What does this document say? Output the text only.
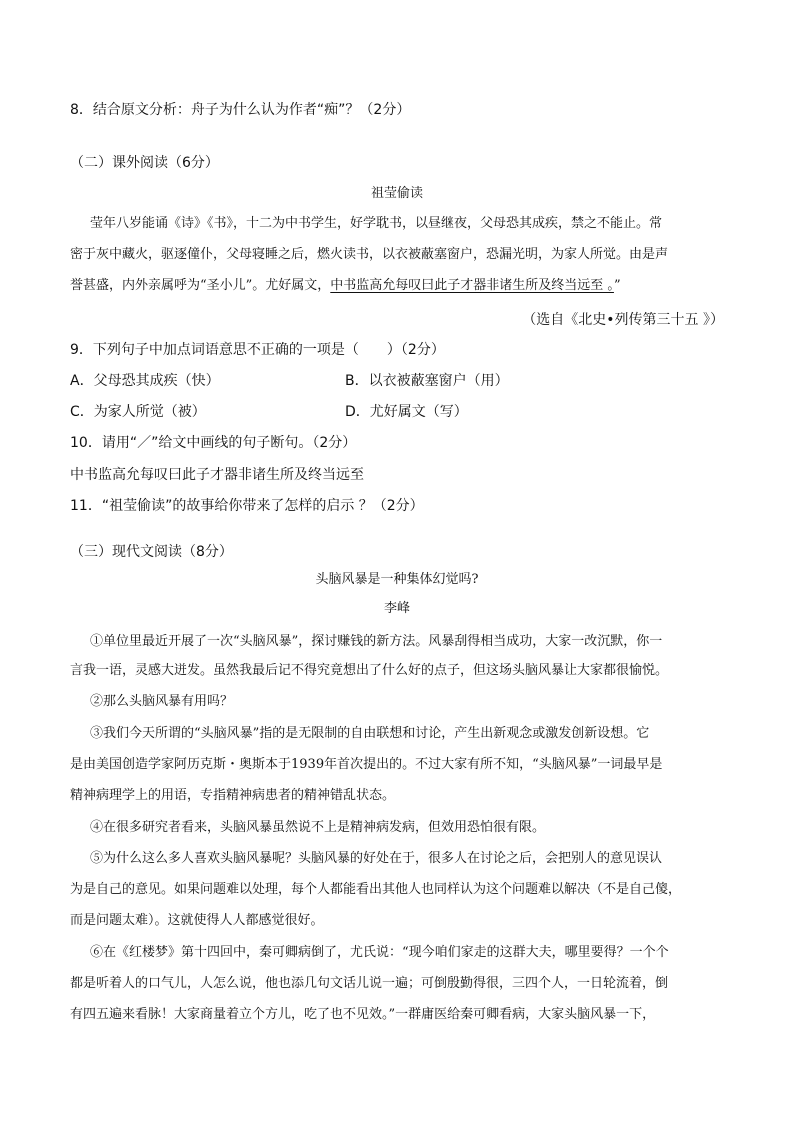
8．结合原文分析：舟子为什么认为作者“痴”？（2分）
（二）课外阅读（6分）
祖莹偷读
莹年八岁能诵《诗》《书》，十二为中书学生，好学耽书，以昼继夜，父母恐其成疾，禁之不能止。常
密于灰中藏火，驱逐僮仆，父母寝睡之后，燃火读书，以衣被蔽塞窗户，恐漏光明，为家人所觉。由是声
誉甚盛，内外亲属呼为“圣小儿”。尤好属文，中书监高允每叹曰此子才器非诸生所及终当远至 。”
（选自《北史•列传第三十五 》）
9．下列句子中加点词语意思不正确的一项是（　　）（2分）
A．父母恐其成疾（快）	B．以衣被蔽塞窗户（用）
C．为家人所觉（被）	D．尤好属文（写）
10．请用“／”给文中画线的句子断句。（2分）
中书监高允每叹曰此子才器非诸生所及终当远至
11．“祖莹偷读”的故事给你带来了怎样的启示 ？（2分）
（三）现代文阅读（8分）
头脑风暴是一种集体幻觉吗?
李峰
①单位里最近开展了一次“头脑风暴”，探讨赚钱的新方法。风暴刮得相当成功，大家一改沉默，你一
言我一语，灵感大迸发。虽然我最后记不得究竟想出了什么好的点子，但这场头脑风暴让大家都很愉悦。
②那么头脑风暴有用吗？
③我们今天所谓的“头脑风暴”指的是无限制的自由联想和讨论，产生出新观念或激发创新设想。它
是由美国创造学家阿历克斯・奥斯本于1939年首次提出的。不过大家有所不知，“头脑风暴”一词最早是
精神病理学上的用语，专指精神病患者的精神错乱状态。
④在很多研究者看来，头脑风暴虽然说不上是精神病发病，但效用恐怕很有限。
⑤为什么这么多人喜欢头脑风暴呢？头脑风暴的好处在于，很多人在讨论之后，会把别人的意见误认
为是自己的意见。如果问题难以处理，每个人都能看出其他人也同样认为这个问题难以解决（不是自己傻，
而是问题太难）。这就使得人人都感觉很好。
⑥在《红楼梦》第十四回中，秦可卿病倒了，尤氏说：“现今咱们家走的这群大夫，哪里要得？一个个
都是听着人的口气儿，人怎么说，他也添几句文话儿说一遍；可倒殷勤得很，三四个人，一日轮流着，倒
有四五遍来看脉！大家商量着立个方儿，吃了也不见效。”一群庸医给秦可卿看病，大家头脑风暴一下，
